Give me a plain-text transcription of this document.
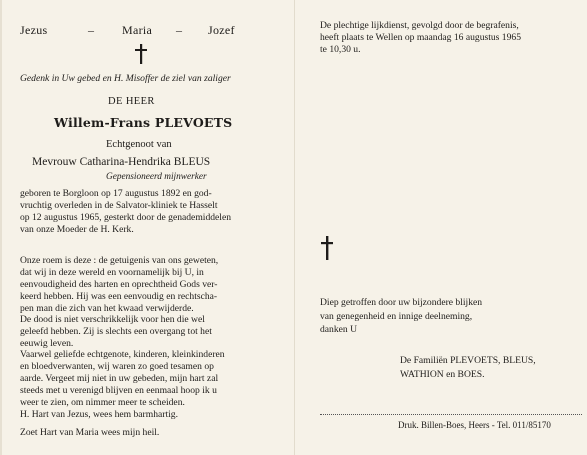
Jezus	– Maria – Jozef
Gedenk in Uw gebed en H. Misoffer de ziel van zaliger
DE HEER
Willem-Frans PLEVOETS
Echtgenoot van
Mevrouw Catharina-Hendrika BLEUS
Gepensioneerd mijnwerker
geboren te Borgloon op 17 augustus 1892 en god-
vruchtig overleden in de Salvator-kliniek te Hasselt
op 12 augustus 1965, gesterkt door de genademiddelen
van onze Moeder de H. Kerk.
Onze roem is deze : de getuigenis van ons geweten,
dat wij in deze wereld en voornamelijk bij U, in
eenvoudigheid des harten en oprechtheid Gods ver-
keerd hebben. Hij was een eenvoudig en rechtscha-
pen man die zich van het kwaad verwijderde.
De dood is niet verschrikkelijk voor hen die wel
geleefd hebben. Zij is slechts een overgang tot het
eeuwig leven.
Vaarwel geliefde echtgenote, kinderen, kleinkinderen
en bloedverwanten, wij waren zo goed tesamen op
aarde. Vergeet mij niet in uw gebeden, mijn hart zal
steeds met u verenigd blijven en eenmaal hoop ik u
weer te zien, om nimmer meer te scheiden.
H. Hart van Jezus, wees hem barmhartig.
Zoet Hart van Maria wees mijn heil.
De plechtige lijkdienst, gevolgd door de begrafenis,
heeft plaats te Wellen op maandag 16 augustus 1965
te 10,30 u.
Diep getroffen door uw bijzondere blijken
van genegenheid en innige deelneming,
danken U
De Familiën PLEVOETS, BLEUS,
WATHION en BOES.
Druk. Billen-Boes, Heers - Tel. 011/85170
